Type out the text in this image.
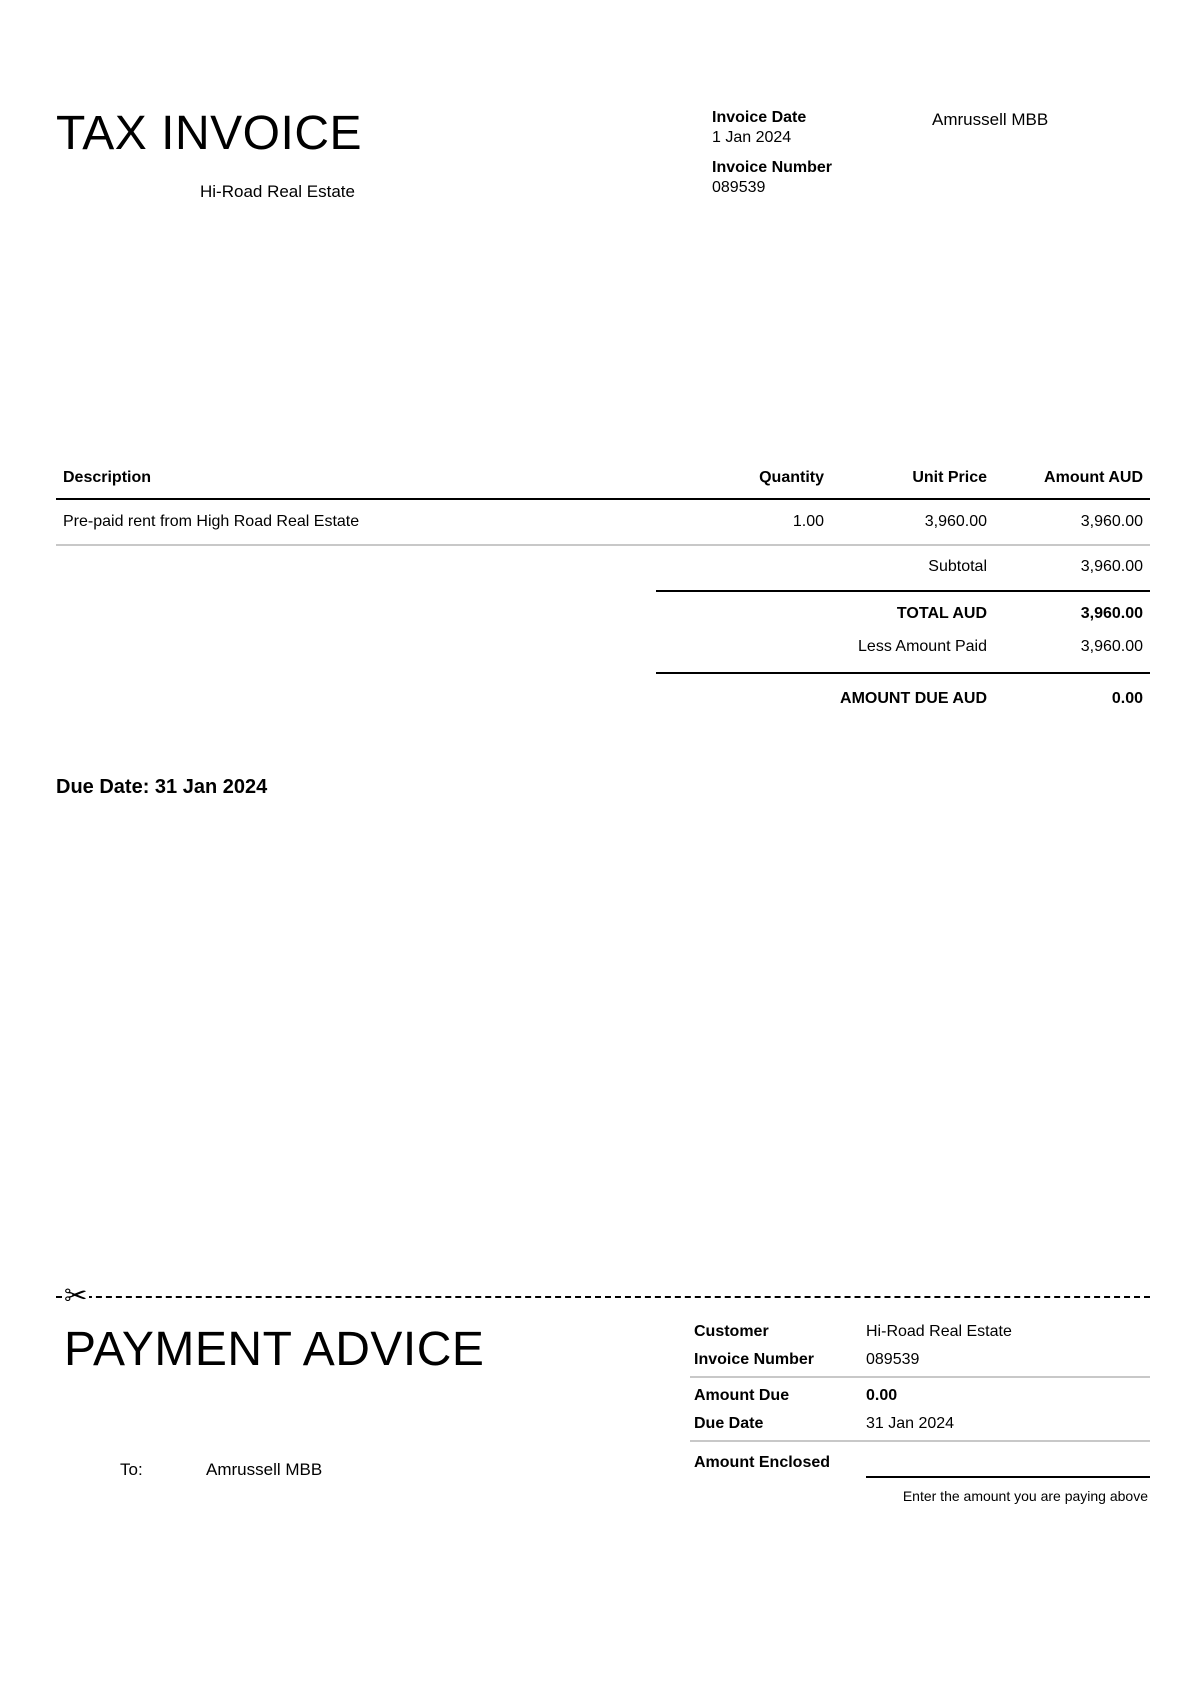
TAX INVOICE
Hi-Road Real Estate
Invoice Date
1 Jan 2024
Invoice Number
089539
Amrussell MBB
Description	Quantity	Unit Price	Amount AUD
Pre-paid rent from High Road Real Estate	1.00	3,960.00	3,960.00
Subtotal	3,960.00
TOTAL AUD	3,960.00
Less Amount Paid	3,960.00
AMOUNT DUE AUD	0.00
Due Date: 31 Jan 2024
✂
PAYMENT ADVICE
To:	Amrussell MBB
Customer	Hi-Road Real Estate
Invoice Number	089539
Amount Due	0.00
Due Date	31 Jan 2024
Amount Enclosed
Enter the amount you are paying above
